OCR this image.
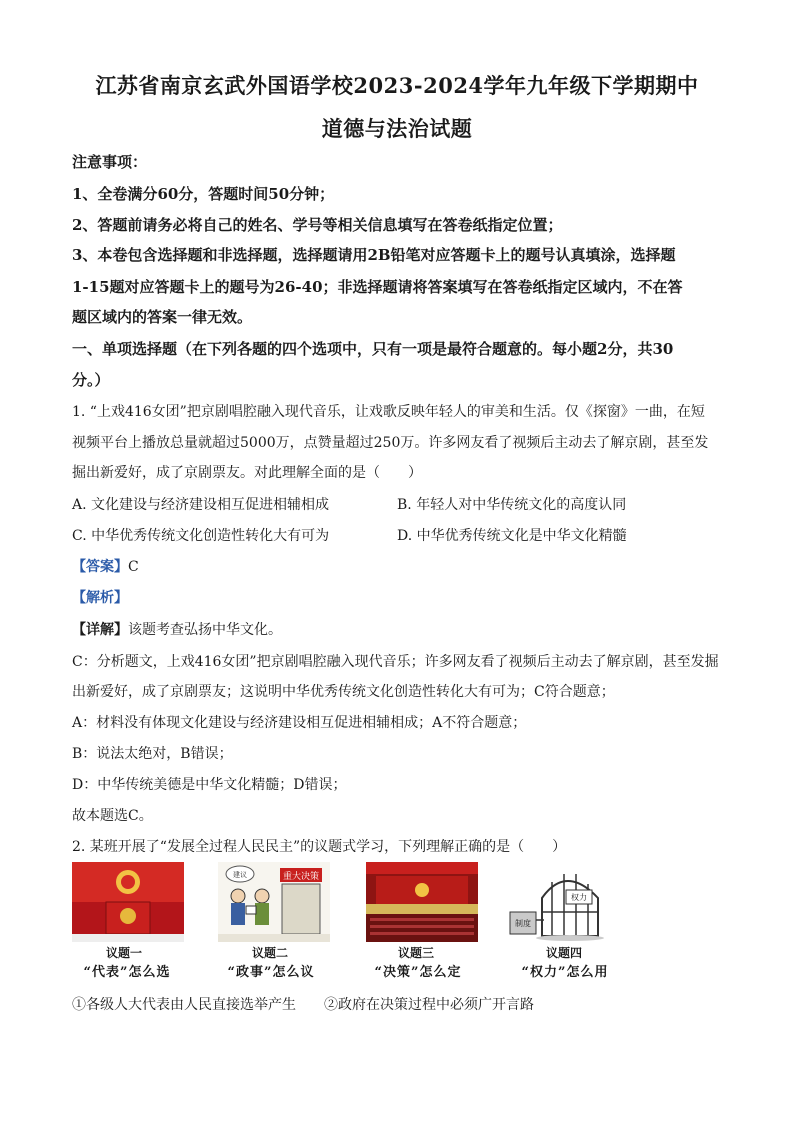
江苏省南京玄武外国语学校2023-2024学年九年级下学期期中
道德与法治试题
注意事项：
1、全卷满分60分，答题时间50分钟；
2、答题前请务必将自己的姓名、学号等相关信息填写在答卷纸指定位置；
3、本卷包含选择题和非选择题，选择题请用2B铅笔对应答题卡上的题号认真填涂，选择题
1-15题对应答题卡上的题号为26-40；非选择题请将答案填写在答卷纸指定区域内，不在答
题区域内的答案一律无效。
一、单项选择题（在下列各题的四个选项中，只有一项是最符合题意的。每小题2分，共30
分。）
1. “上戏416女团”把京剧唱腔融入现代音乐，让戏歌反映年轻人的审美和生活。仅《探窗》一曲，在短
视频平台上播放总量就超过5000万，点赞量超过250万。许多网友看了视频后主动去了解京剧，甚至发
掘出新爱好，成了京剧票友。对此理解全面的是（　　）
A. 文化建设与经济建设相互促进相辅相成	B. 年轻人对中华传统文化的高度认同
C. 中华优秀传统文化创造性转化大有可为	D. 中华优秀传统文化是中华文化精髓
【答案】C
【解析】
【详解】该题考查弘扬中华文化。
C：分析题文，上戏416女团”把京剧唱腔融入现代音乐；许多网友看了视频后主动去了解京剧，甚至发掘
出新爱好，成了京剧票友；这说明中华优秀传统文化创造性转化大有可为；C符合题意；
A：材料没有体现文化建设与经济建设相互促进相辅相成；A不符合题意；
B：说法太绝对，B错误；
D：中华传统美德是中华文化精髓；D错误；
故本题选C。
2. 某班开展了“发展全过程人民民主”的议题式学习，下列理解正确的是（　　）
议题一
“代表”怎么选
重大决策
建议
议题二
“政事”怎么议
议题三
“决策”怎么定
权力
制度
议题四
“权力”怎么用
①各级人大代表由人民直接选举产生　　②政府在决策过程中必须广开言路
